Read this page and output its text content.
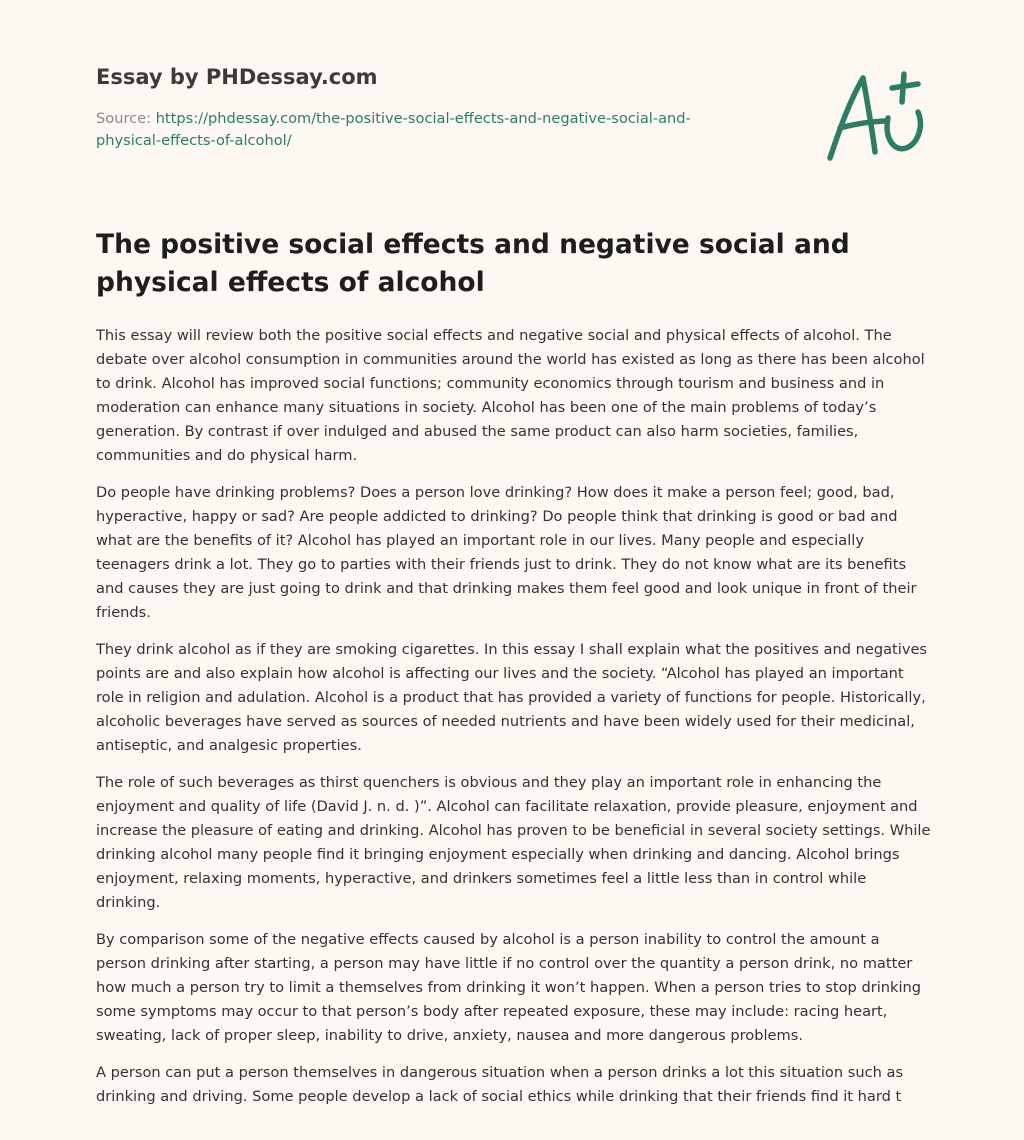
Essay by PHDessay.com
Source: https://phdessay.com/the-positive-social-effects-and-negative-social-and-physical-effects-of-alcohol/
The positive social effects and negative social and physical effects of alcohol

This essay will review both the positive social effects and negative social and physical effects of alcohol. The debate over alcohol consumption in communities around the world has existed as long as there has been alcohol to drink. Alcohol has improved social functions; community economics through tourism and business and in moderation can enhance many situations in society. Alcohol has been one of the main problems of today’s generation. By contrast if over indulged and abused the same product can also harm societies, families, communities and do physical harm.

Do people have drinking problems? Does a person love drinking? How does it make a person feel; good, bad, hyperactive, happy or sad? Are people addicted to drinking? Do people think that drinking is good or bad and what are the benefits of it? Alcohol has played an important role in our lives. Many people and especially teenagers drink a lot. They go to parties with their friends just to drink. They do not know what are its benefits and causes they are just going to drink and that drinking makes them feel good and look unique in front of their friends.

They drink alcohol as if they are smoking cigarettes. In this essay I shall explain what the positives and negatives points are and also explain how alcohol is affecting our lives and the society. “Alcohol has played an important role in religion and adulation. Alcohol is a product that has provided a variety of functions for people. Historically, alcoholic beverages have served as sources of needed nutrients and have been widely used for their medicinal, antiseptic, and analgesic properties.

The role of such beverages as thirst quenchers is obvious and they play an important role in enhancing the enjoyment and quality of life (David J. n. d. )”. Alcohol can facilitate relaxation, provide pleasure, enjoyment and increase the pleasure of eating and drinking. Alcohol has proven to be beneficial in several society settings. While drinking alcohol many people find it bringing enjoyment especially when drinking and dancing. Alcohol brings enjoyment, relaxing moments, hyperactive, and drinkers sometimes feel a little less than in control while drinking.

By comparison some of the negative effects caused by alcohol is a person inability to control the amount a person drinking after starting, a person may have little if no control over the quantity a person drink, no matter how much a person try to limit a themselves from drinking it won’t happen. When a person tries to stop drinking some symptoms may occur to that person’s body after repeated exposure, these may include: racing heart, sweating, lack of proper sleep, inability to drive, anxiety, nausea and more dangerous problems.

A person can put a person themselves in dangerous situation when a person drinks a lot this situation such as drinking and driving. Some people develop a lack of social ethics while drinking that their friends find it hard t
